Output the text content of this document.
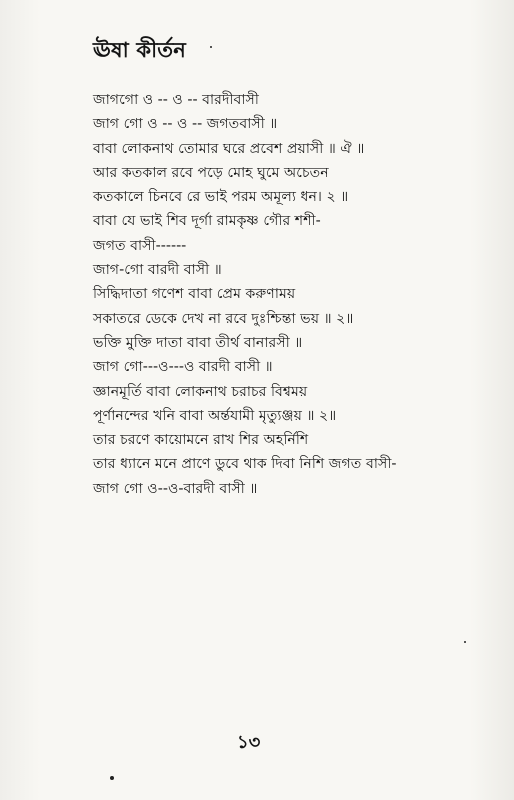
ঊষা কীর্তন
জাগগো ও -- ও -- বারদীবাসী
জাগ গো ও -- ও -- জগতবাসী ॥
বাবা লোকনাথ তোমার ঘরে প্রবেশ প্রয়াসী ॥ ঐ ॥
আর কতকাল রবে পড়ে মোহ ঘুমে অচেতন
কতকালে চিনবে রে ভাই পরম অমূল্য ধন। ২ ॥
বাবা যে ভাই শিব দূর্গা রামকৃষ্ণ গৌর শশী-
জগত বাসী------
জাগ-গো বারদী বাসী ॥
সিদ্ধিদাতা গণেশ বাবা প্রেম করুণাময়
সকাতরে ডেকে দেখ না রবে দুঃশ্চিন্তা ভয় ॥ ২॥
ভক্তি মুক্তি দাতা বাবা তীর্থ বানারসী ॥
জাগ গো---ও---ও বারদী বাসী ॥
জ্ঞানমূর্তি বাবা লোকনাথ চরাচর বিশ্বময়
পূর্ণানন্দের খনি বাবা অর্ন্তযামী মৃত্যুঞ্জয় ॥ ২॥
তার চরণে কায়োমনে রাখ শির অহর্নিশি
তার ধ্যানে মনে প্রাণে ডুবে থাক দিবা নিশি জগত বাসী-
জাগ গো ও--ও-বারদী বাসী ॥
১৩
